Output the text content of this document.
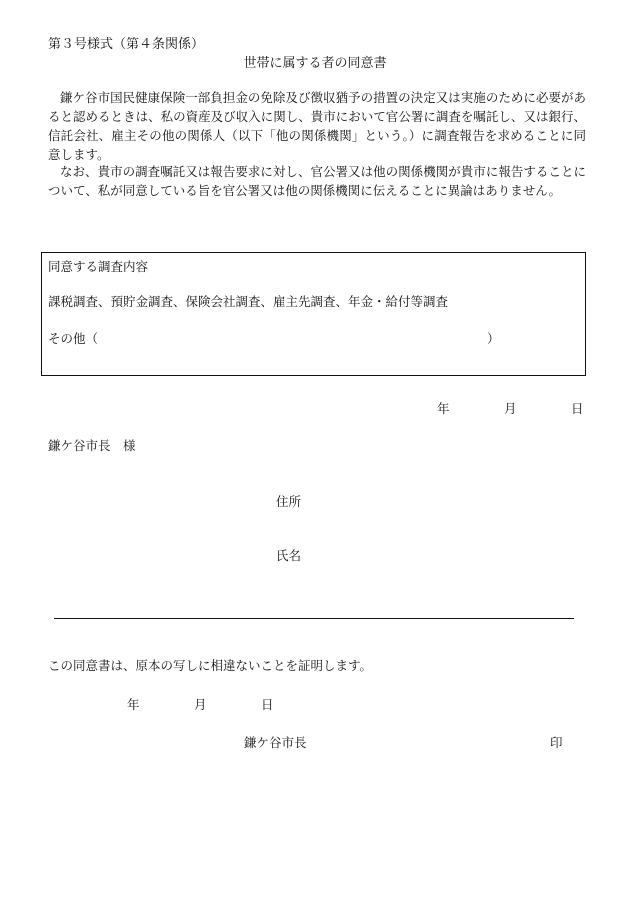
第３号様式（第４条関係）
世帯に属する者の同意書
鎌ケ谷市国民健康保険一部負担金の免除及び徴収猶予の措置の決定又は実施のために必要があると認めるときは、私の資産及び収入に関し、貴市において官公署に調査を嘱託し、又は銀行、信託会社、雇主その他の関係人（以下「他の関係機関」という。）に調査報告を求めることに同意します。
なお、貴市の調査嘱託又は報告要求に対し、官公署又は他の関係機関が貴市に報告することについて、私が同意している旨を官公署又は他の関係機関に伝えることに異論はありません。
同意する調査内容
課税調査、預貯金調査、保険会社調査、雇主先調査、年金・給付等調査
その他（	）
年	月	日
鎌ケ谷市長　様
住所
氏名
この同意書は、原本の写しに相違ないことを証明します。
年	月	日
鎌ケ谷市長	印
